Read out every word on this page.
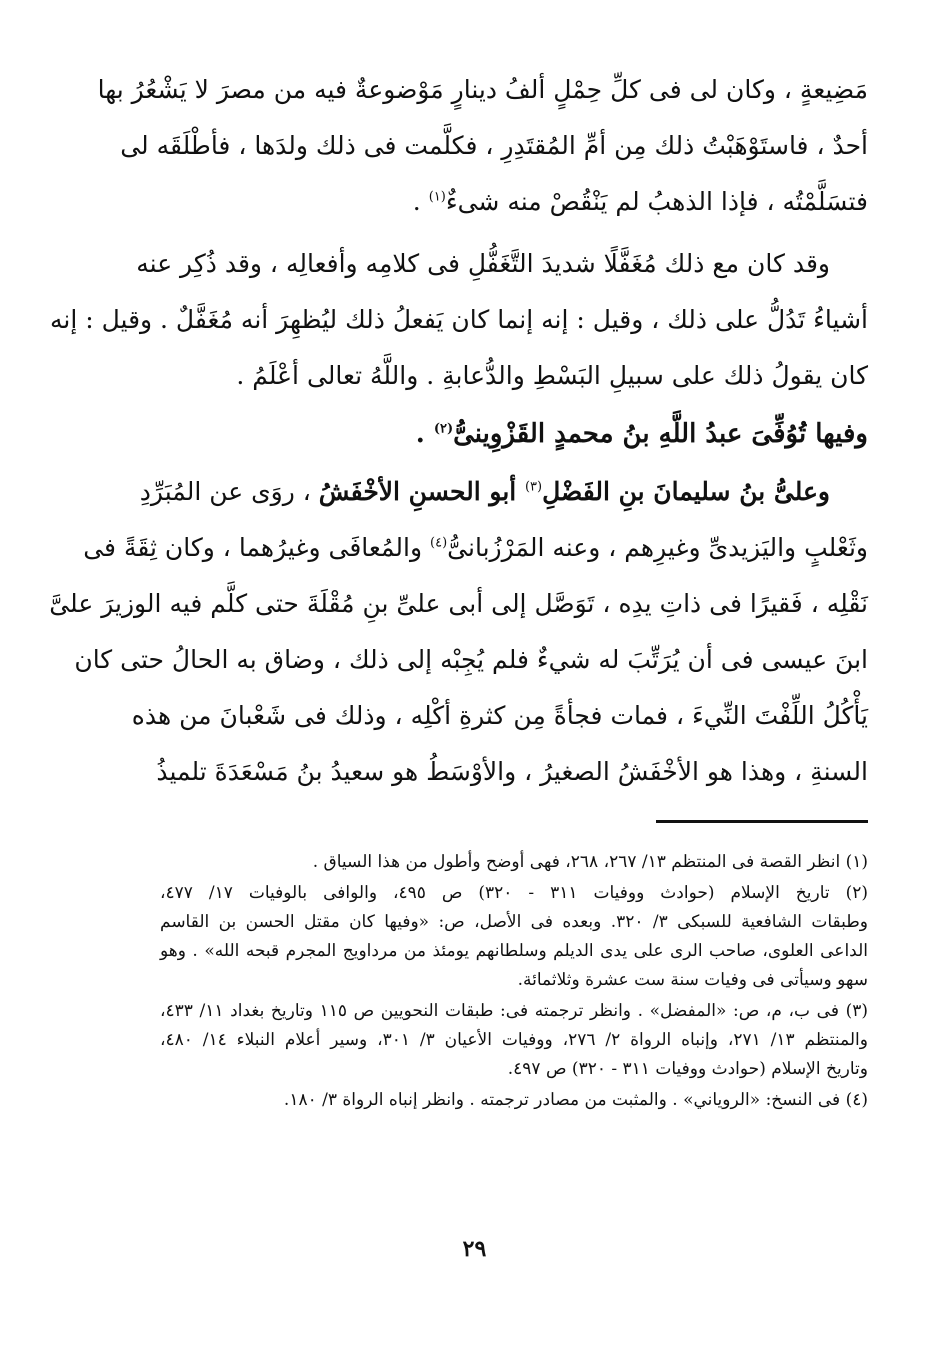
مَضِيعةٍ ، وكان لى فى كلِّ حِمْلٍ ألفُ دينارٍ مَوْضوعةٌ فيه من مصرَ لا يَشْعُرُ بها
أحدٌ ، فاستَوْهَبْتُ ذلك مِن أمِّ المُقتَدِرِ ، فكلَّمت فى ذلك ولدَها ، فأطْلَقَه لى
فتسَلَّمْتُه ، فإذا الذهبُ لم يَنْقُصْ منه شىءٌ$^{(١)}$ .
وقد كان مع ذلك مُغَفَّلًا شديدَ التَّغَفُّلِ فى كلامِه وأفعالِه ، وقد ذُكِر عنه
أشياءُ تَدُلُّ على ذلك ، وقيل : إنه إنما كان يَفعلُ ذلك ليُظهِرَ أنه مُغَفَّلٌ . وقيل : إنه
كان يقولُ ذلك على سبيلِ البَسْطِ والدُّعابةِ . واللَّهُ تعالى أعْلَمُ .
وفيها تُوُفِّىَ عبدُ اللَّهِ بنُ محمدٍ القَزْوِينىُّ$^{(٢)}$ .
وعلىُّ بنُ سليمانَ بنِ الفَضْلِ$^{(٣)}$ أبو الحسنِ الأخْفَشُ ، روَى عن المُبَرِّدِ
وثَعْلبٍ واليَزيدىِّ وغيرِهم ، وعنه المَرْزُبانىُّ$^{(٤)}$ والمُعافَى وغيرُهما ، وكان ثِقَةً فى
نَقْلِه ، فَقيرًا فى ذاتِ يدِه ، تَوَصَّل إلى أبى علىِّ بنِ مُقْلَةَ حتى كلَّم فيه الوزيرَ علىَّ
ابنَ عيسى فى أن يُرَتِّبَ له شيءٌ فلم يُجِبْه إلى ذلك ، وضاق به الحالُ حتى كان
يَأْكُلُ اللِّفْتَ النِّيءَ ، فمات فجأةً مِن كثرةِ أكْلِه ، وذلك فى شَعْبانَ من هذه
السنةِ ، وهذا هو الأخْفَشُ الصغيرُ ، والأوْسَطُ هو سعيدُ بنُ مَسْعَدَةَ تلميذُ
(١) انظر القصة فى المنتظم ١٣/ ٢٦٧، ٢٦٨، فهى أوضح وأطول من هذا السياق .
(٢) تاريخ الإسلام (حوادث ووفيات ٣١١ - ٣٢٠) ص ٤٩٥، والوافى بالوفيات ١٧/ ٤٧٧،
وطبقات الشافعية للسبكى ٣/ ٣٢٠. وبعده فى الأصل، ص: «وفيها كان مقتل الحسن بن القاسم
الداعى العلوى، صاحب الرى على يدى الديلم وسلطانهم يومئذ من مرداويج المجرم قبحه الله» . وهو
سهو وسيأتى فى وفيات سنة ست عشرة وثلاثمائة.
(٣) فى ب، م، ص: «المفضل» . وانظر ترجمته فى: طبقات النحويين ص ١١٥ وتاريخ بغداد ١١/ ٤٣٣،
والمنتظم ١٣/ ٢٧١، وإنباه الرواة ٢/ ٢٧٦، ووفيات الأعيان ٣/ ٣٠١، وسير أعلام النبلاء ١٤/ ٤٨٠،
وتاريخ الإسلام (حوادث ووفيات ٣١١ - ٣٢٠) ص ٤٩٧.
(٤) فى النسخ: «الروياني» . والمثبت من مصادر ترجمته . وانظر إنباه الرواة ٣/ ١٨٠.
٢٩
